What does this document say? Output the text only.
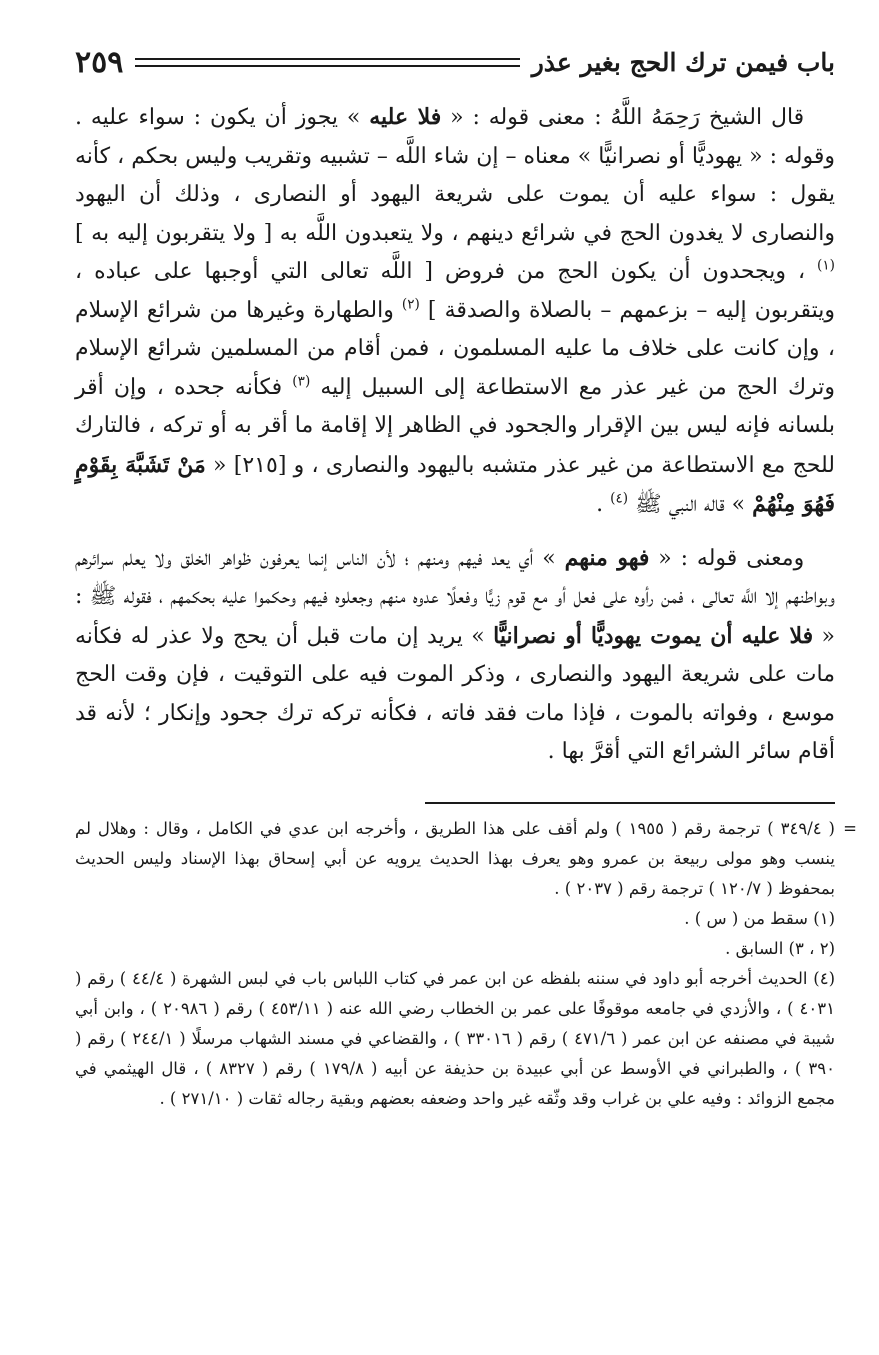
باب فيمن ترك الحج بغير عذر
٢٥٩

قال الشيخ رَحِمَهُ اللَّهُ : معنى قوله : « فلا عليه » يجوز أن يكون : سواء عليه . وقوله : « يهوديًّا أو نصرانيًّا » معناه – إن شاء اللَّه – تشبيه وتقريب وليس بحكم ، كأنه يقول : سواء عليه أن يموت على شريعة اليهود أو النصارى ، وذلك أن اليهود والنصارى لا يغدون الحج في شرائع دينهم ، ولا يتعبدون اللَّه به [ ولا يتقربون إليه به ] $^{(١)}$ ، ويجحدون أن يكون الحج من فروض [ اللَّه تعالى التي أوجبها على عباده ، ويتقربون إليه – بزعمهم – بالصلاة والصدقة ] $^{(٢)}$ والطهارة وغيرها من شرائع الإسلام ، وإن كانت على خلاف ما عليه المسلمون ، فمن أقام من المسلمين شرائع الإسلام وترك الحج من غير عذر مع الاستطاعة إلى السبيل إليه $^{(٣)}$ فكأنه جحده ، وإن أقر بلسانه فإنه ليس بين الإقرار والجحود في الظاهر إلا إقامة ما أقر به أو تركه ، فالتارك للحج مع الاستطاعة من غير عذر متشبه باليهود والنصارى ، و [٢١٥] « مَنْ تَشَبَّهَ بِقَوْمٍ فَهُوَ مِنْهُمْ » قاله النبي ﷺ $^{(٤)}$ .

ومعنى قوله : « فهو منهم » أي يعد فيهم ومنهم ؛ لأن الناس إنما يعرفون ظواهر الخلق ولا يعلم سرائرهم وبواطنهم إلا اللَّه تعالى ، فمن رأوه على فعل أو مع قوم زيًّا وفعلًا عدوه منهم وجعلوه فيهم وحكموا عليه بحكمهم ، فقوله ﷺ : « فلا عليه أن يموت يهوديًّا أو نصرانيًّا » يريد إن مات قبل أن يحج ولا عذر له فكأنه مات على شريعة اليهود والنصارى ، وذكر الموت فيه على التوقيت ، فإن وقت الحج موسع ، وفواته بالموت ، فإذا مات فقد فاته ، فكأنه تركه ترك جحود وإنكار ؛ لأنه قد أقام سائر الشرائع التي أقرَّ بها .

=
( ٣٤٩/٤ ) ترجمة رقم ( ١٩٥٥ ) ولم أقف على هذا الطريق ، وأخرجه ابن عدي في الكامل ، وقال : وهلال لم ينسب وهو مولى ربيعة بن عمرو وهو يعرف بهذا الحديث يرويه عن أبي إسحاق بهذا الإسناد وليس الحديث بمحفوظ ( ١٢٠/٧ ) ترجمة رقم ( ٢٠٣٧ ) .

(١) سقط من ( س ) .

(٢ ، ٣) السابق .

(٤) الحديث أخرجه أبو داود في سننه بلفظه عن ابن عمر في كتاب اللباس باب في لبس الشهرة ( ٤٤/٤ ) رقم ( ٤٠٣١ ) ، والأزدي في جامعه موقوفًا على عمر بن الخطاب رضي الله عنه ( ٤٥٣/١١ ) رقم ( ٢٠٩٨٦ ) ، وابن أبي شيبة في مصنفه عن ابن عمر ( ٤٧١/٦ ) رقم ( ٣٣٠١٦ ) ، والقضاعي في مسند الشهاب مرسلًا ( ٢٤٤/١ ) رقم ( ٣٩٠ ) ، والطبراني في الأوسط عن أبي عبيدة بن حذيفة عن أبيه ( ١٧٩/٨ ) رقم ( ٨٣٢٧ ) ، قال الهيثمي في مجمع الزوائد : وفيه علي بن غراب وقد وثّقه غير واحد وضعفه بعضهم وبقية رجاله ثقات ( ٢٧١/١٠ ) .
